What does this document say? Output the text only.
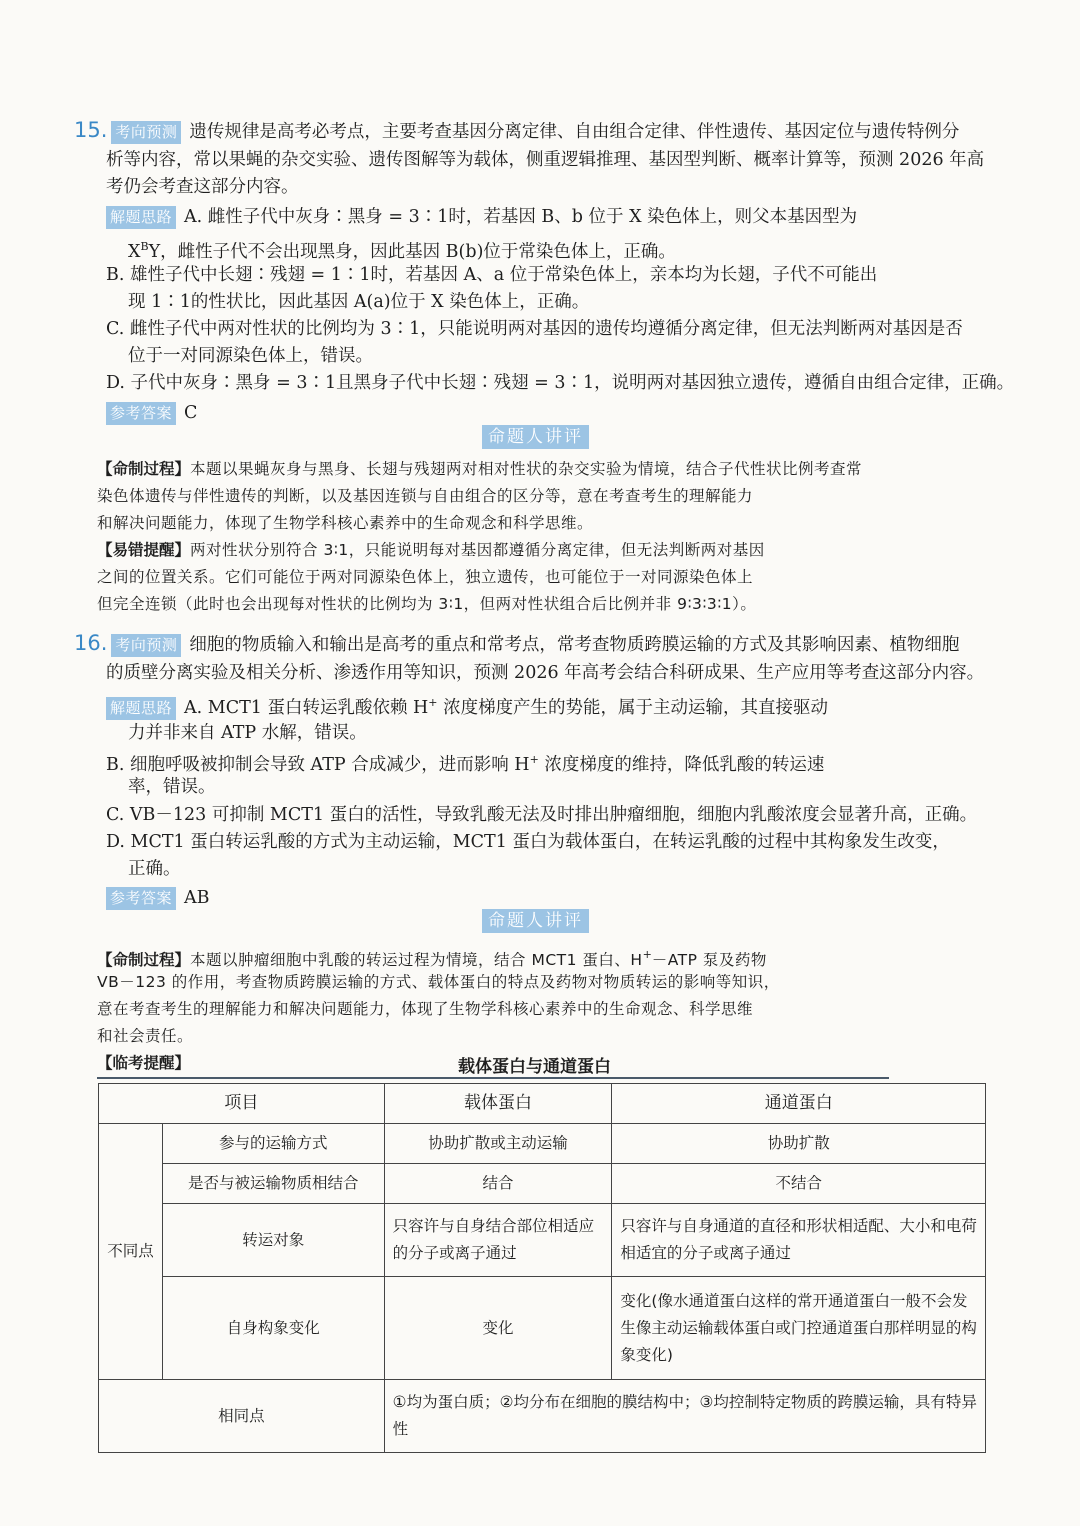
15. 考向预测 遗传规律是高考必考点，主要考查基因分离定律、自由组合定律、伴性遗传、基因定位与遗传特例分
析等内容，常以果蝇的杂交实验、遗传图解等为载体，侧重逻辑推理、基因型判断、概率计算等，预测 2026 年高
考仍会考查这部分内容。
解题思路 A. 雌性子代中灰身∶黑身 = 3∶1时，若基因 B、b 位于 X 染色体上，则父本基因型为
$X^BY$，雌性子代不会出现黑身，因此基因 B(b)位于常染色体上，正确。
B. 雄性子代中长翅∶残翅 = 1∶1时，若基因 A、a 位于常染色体上，亲本均为长翅，子代不可能出
现 1∶1的性状比，因此基因 A(a)位于 X 染色体上，正确。
C. 雌性子代中两对性状的比例均为 3∶1，只能说明两对基因的遗传均遵循分离定律，但无法判断两对基因是否
位于一对同源染色体上，错误。
D. 子代中灰身∶黑身 = 3∶1且黑身子代中长翅∶残翅 = 3∶1，说明两对基因独立遗传，遵循自由组合定律，正确。
参考答案 C
命题人讲评
【命制过程】本题以果蝇灰身与黑身、长翅与残翅两对相对性状的杂交实验为情境，结合子代性状比例考查常
染色体遗传与伴性遗传的判断，以及基因连锁与自由组合的区分等，意在考查考生的理解能力
和解决问题能力，体现了生物学科核心素养中的生命观念和科学思维。
【易错提醒】两对性状分别符合 3∶1，只能说明每对基因都遵循分离定律，但无法判断两对基因
之间的位置关系。它们可能位于两对同源染色体上，独立遗传，也可能位于一对同源染色体上
但完全连锁（此时也会出现每对性状的比例均为 3∶1，但两对性状组合后比例并非 9∶3∶3∶1）。
16. 考向预测 细胞的物质输入和输出是高考的重点和常考点，常考查物质跨膜运输的方式及其影响因素、植物细胞
的质壁分离实验及相关分析、渗透作用等知识，预测 2026 年高考会结合科研成果、生产应用等考查这部分内容。
解题思路 A. MCT1 蛋白转运乳酸依赖 H+ 浓度梯度产生的势能，属于主动运输，其直接驱动
力并非来自 ATP 水解，错误。
B. 细胞呼吸被抑制会导致 ATP 合成减少，进而影响 H+ 浓度梯度的维持，降低乳酸的转运速
率，错误。
C. VB－123 可抑制 MCT1 蛋白的活性，导致乳酸无法及时排出肿瘤细胞，细胞内乳酸浓度会显著升高，正确。
D. MCT1 蛋白转运乳酸的方式为主动运输，MCT1 蛋白为载体蛋白，在转运乳酸的过程中其构象发生改变，
正确。
参考答案 AB
命题人讲评
【命制过程】本题以肿瘤细胞中乳酸的转运过程为情境，结合 MCT1 蛋白、H+－ATP 泵及药物
VB－123 的作用，考查物质跨膜运输的方式、载体蛋白的特点及药物对物质转运的影响等知识，
意在考查考生的理解能力和解决问题能力，体现了生物学科核心素养中的生命观念、科学思维
和社会责任。
【临考提醒】	载体蛋白与通道蛋白
项目		载体蛋白	通道蛋白
不同点	参与的运输方式	协助扩散或主动运输	协助扩散
	是否与被运输物质相结合	结合	不结合
	转运对象	只容许与自身结合部位相适应的分子或离子通过	只容许与自身通道的直径和形状相适配、大小和电荷相适宜的分子或离子通过
	自身构象变化	变化	变化(像水通道蛋白这样的常开通道蛋白一般不会发生像主动运输载体蛋白或门控通道蛋白那样明显的构象变化)
相同点		①均为蛋白质；②均分布在细胞的膜结构中；③均控制特定物质的跨膜运输，具有特异性	
